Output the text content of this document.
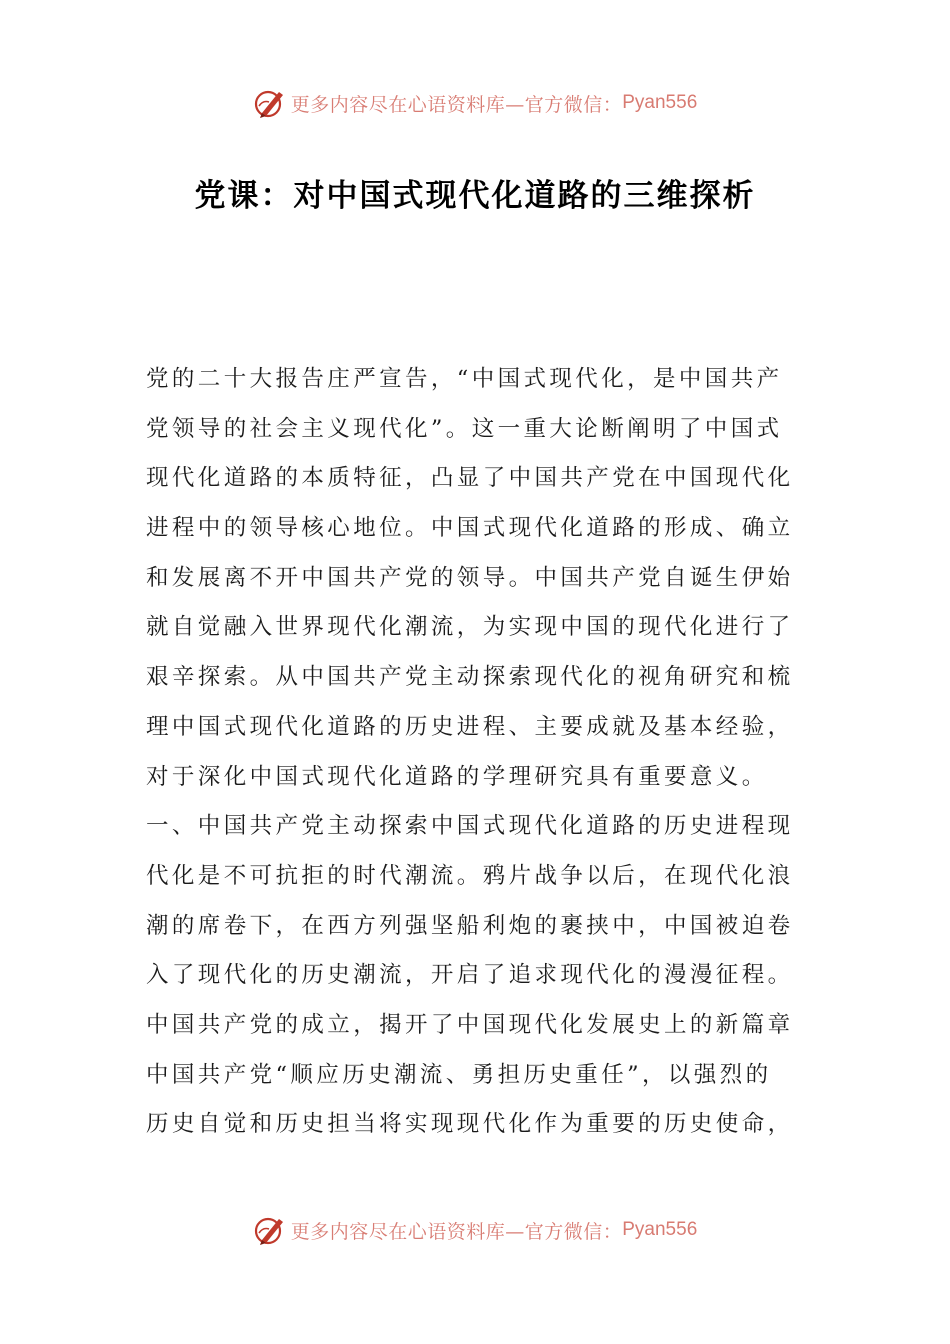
更多内容尽在心语资料库— 官方微信： Pyan556
党课：对中国式现代化道路的三维探析
党的二十大报告庄严宣告，“中国式现代化，是中国共产
党领导的社会主义现代化”。这一重大论断阐明了中国式
现代化道路的本质特征，凸显了中国共产党在中国现代化
进程中的领导核心地位。中国式现代化道路的形成、确立
和发展离不开中国共产党的领导。中国共产党自诞生伊始
就自觉融入世界现代化潮流，为实现中国的现代化进行了
艰辛探索。从中国共产党主动探索现代化的视角研究和梳
理中国式现代化道路的历史进程、主要成就及基本经验，
对于深化中国式现代化道路的学理研究具有重要意义。
一、中国共产党主动探索中国式现代化道路的历史进程现
代化是不可抗拒的时代潮流。鸦片战争以后，在现代化浪
潮的席卷下，在西方列强坚船利炮的裹挟中，中国被迫卷
入了现代化的历史潮流，开启了追求现代化的漫漫征程。
中国共产党的成立，揭开了中国现代化发展史上的新篇章
中国共产党“顺应历史潮流、勇担历史重任”，以强烈的
历史自觉和历史担当将实现现代化作为重要的历史使命，
更多内容尽在心语资料库— 官方微信： Pyan556
